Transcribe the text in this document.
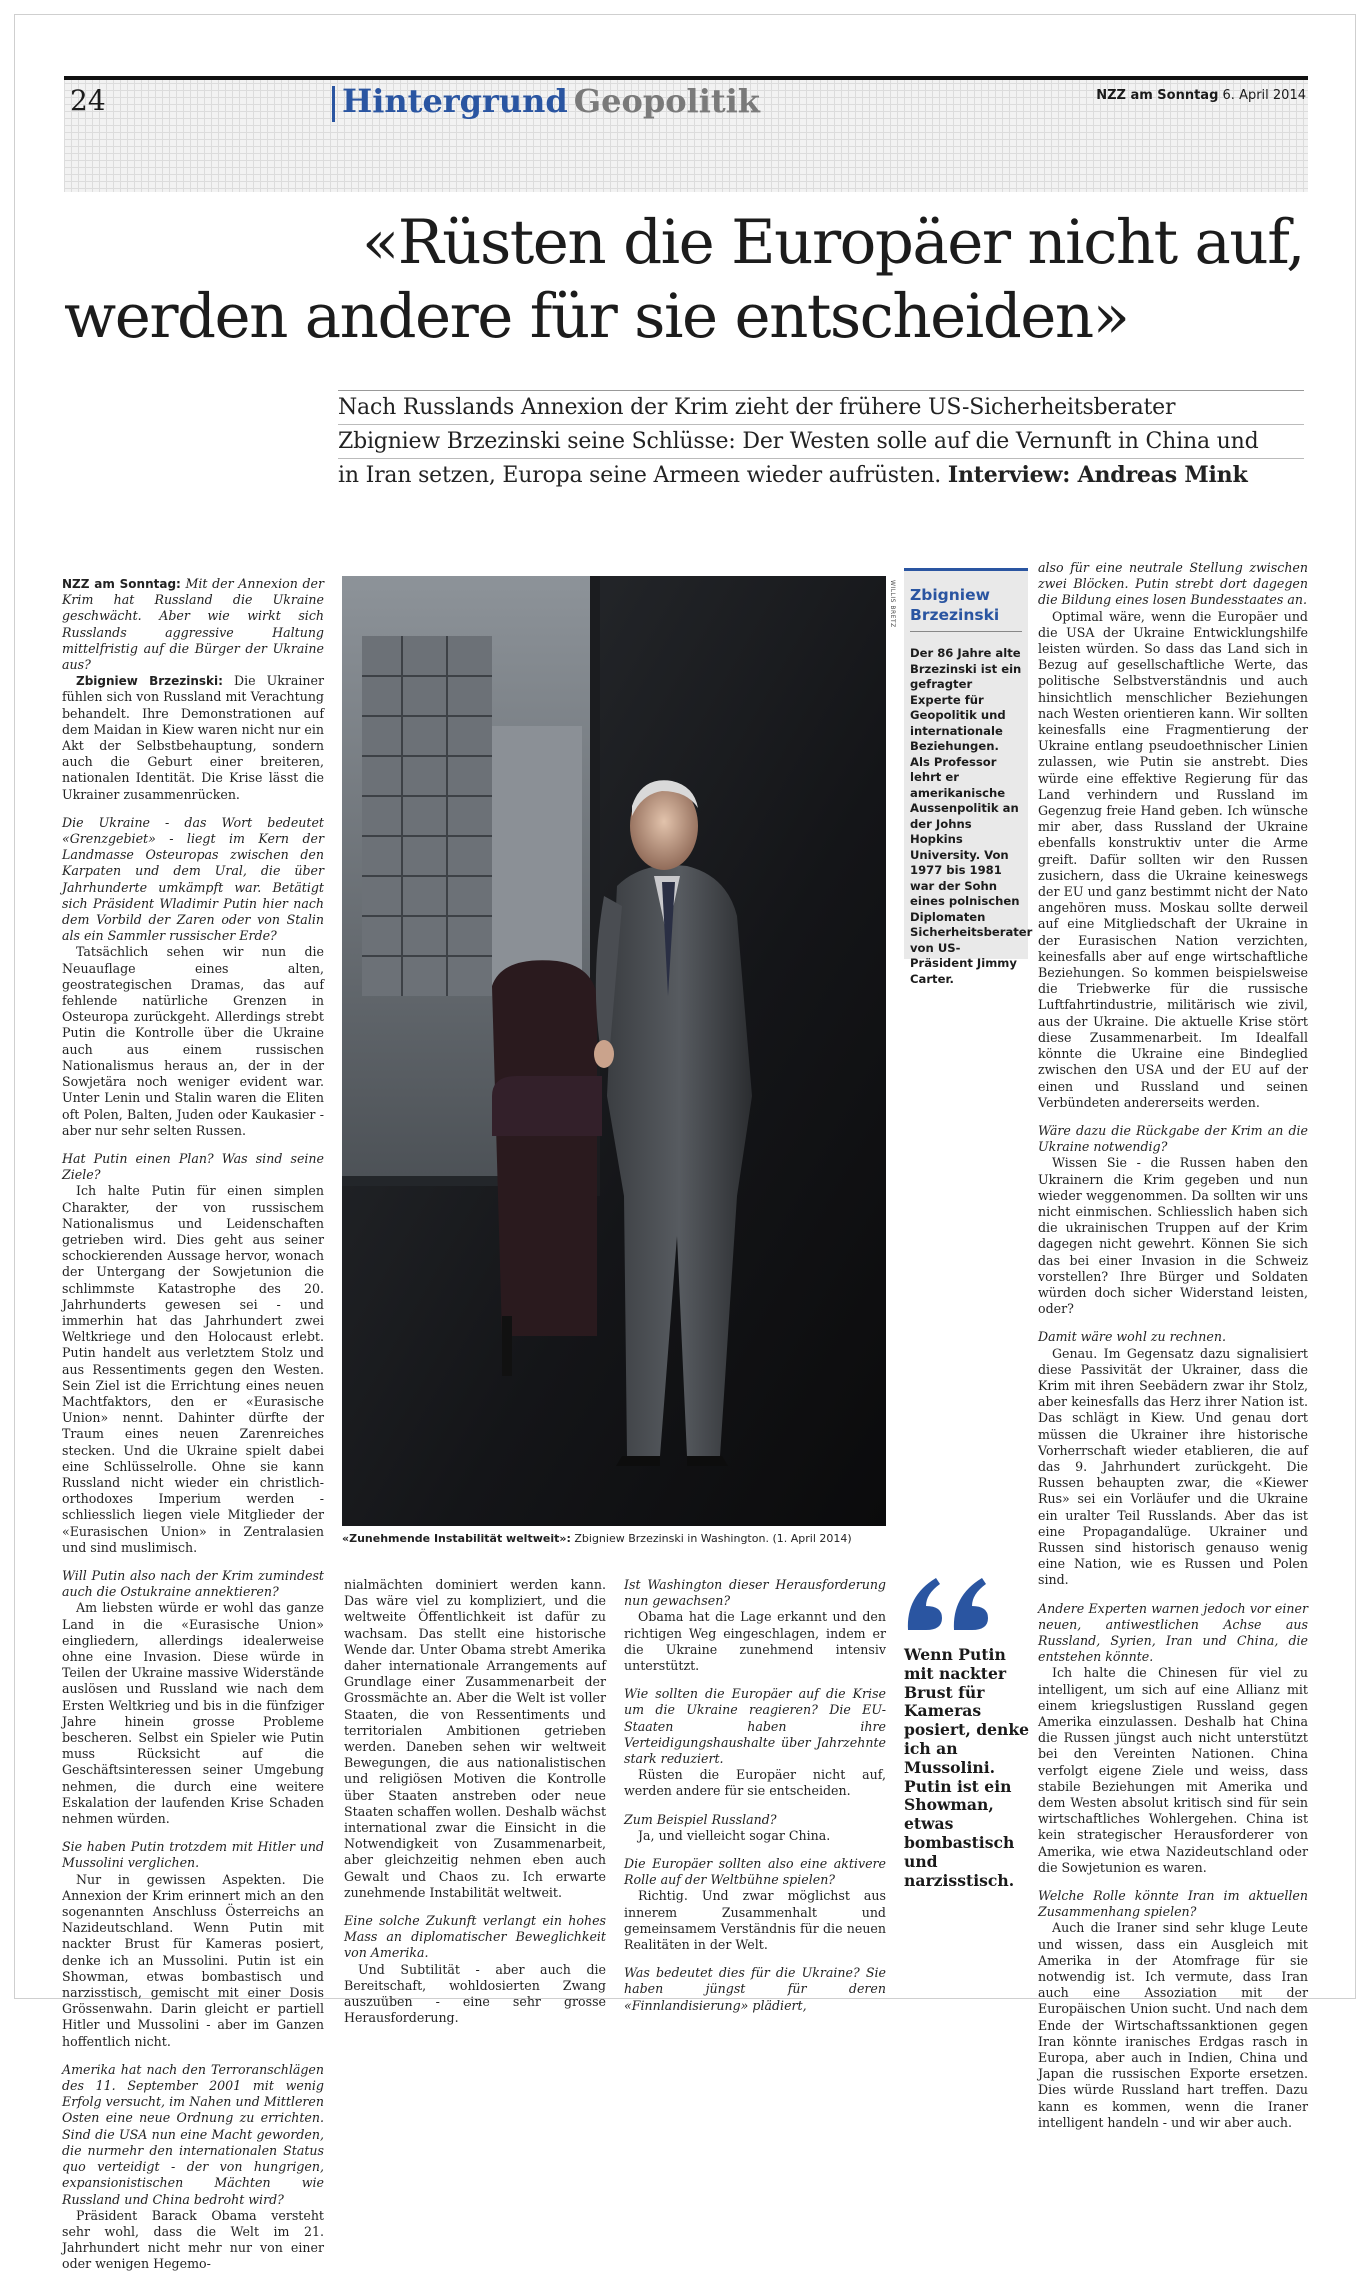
24	Hintergrund Geopolitik	NZZ am Sonntag 6. April 2014
«Rüsten die Europäer nicht auf,
werden andere für sie entscheiden»
Nach Russlands Annexion der Krim zieht der frühere US-Sicherheitsberater
Zbigniew Brzezinski seine Schlüsse: Der Westen solle auf die Vernunft in China und
in Iran setzen, Europa seine Armeen wieder aufrüsten. Interview: Andreas Mink

NZZ am Sonntag: Mit der Annexion der Krim hat Russland die Ukraine geschwächt. Aber wie wirkt sich Russlands aggressive Haltung mittelfristig auf die Bürger der Ukraine aus?
Zbigniew Brzezinski: Die Ukrainer fühlen sich von Russland mit Verachtung behandelt. Ihre Demonstrationen auf dem Maidan in Kiew waren nicht nur ein Akt der Selbstbehauptung, sondern auch die Geburt einer breiteren, nationalen Identität. Die Krise lässt die Ukrainer zusammenrücken.

Die Ukraine - das Wort bedeutet «Grenzgebiet» - liegt im Kern der Landmasse Osteuropas zwischen den Karpaten und dem Ural, die über Jahrhunderte umkämpft war. Betätigt sich Präsident Wladimir Putin hier nach dem Vorbild der Zaren oder von Stalin als ein Sammler russischer Erde?
Tatsächlich sehen wir nun die Neuauflage eines alten, geostrategischen Dramas, das auf fehlende natürliche Grenzen in Osteuropa zurückgeht. Allerdings strebt Putin die Kontrolle über die Ukraine auch aus einem russischen Nationalismus heraus an, der in der Sowjetära noch weniger evident war. Unter Lenin und Stalin waren die Eliten oft Polen, Balten, Juden oder Kaukasier - aber nur sehr selten Russen.

Hat Putin einen Plan? Was sind seine Ziele?
Ich halte Putin für einen simplen Charakter, der von russischem Nationalismus und Leidenschaften getrieben wird. Dies geht aus seiner schockierenden Aussage hervor, wonach der Untergang der Sowjetunion die schlimmste Katastrophe des 20. Jahrhunderts gewesen sei - und immerhin hat das Jahrhundert zwei Weltkriege und den Holocaust erlebt. Putin handelt aus verletztem Stolz und aus Ressentiments gegen den Westen. Sein Ziel ist die Errichtung eines neuen Machtfaktors, den er «Eurasische Union» nennt. Dahinter dürfte der Traum eines neuen Zarenreiches stecken. Und die Ukraine spielt dabei eine Schlüsselrolle. Ohne sie kann Russland nicht wieder ein christlich-orthodoxes Imperium werden - schliesslich liegen viele Mitglieder der «Eurasischen Union» in Zentralasien und sind muslimisch.

Will Putin also nach der Krim zumindest auch die Ostukraine annektieren?
Am liebsten würde er wohl das ganze Land in die «Eurasische Union» eingliedern, allerdings idealerweise ohne eine Invasion. Diese würde in Teilen der Ukraine massive Widerstände auslösen und Russland wie nach dem Ersten Weltkrieg und bis in die fünfziger Jahre hinein grosse Probleme bescheren. Selbst ein Spieler wie Putin muss Rücksicht auf die Geschäftsinteressen seiner Umgebung nehmen, die durch eine weitere Eskalation der laufenden Krise Schaden nehmen würden.

Sie haben Putin trotzdem mit Hitler und Mussolini verglichen.
Nur in gewissen Aspekten. Die Annexion der Krim erinnert mich an den sogenannten Anschluss Österreichs an Nazideutschland. Wenn Putin mit nackter Brust für Kameras posiert, denke ich an Mussolini. Putin ist ein Showman, etwas bombastisch und narzisstisch, gemischt mit einer Dosis Grössenwahn. Darin gleicht er partiell Hitler und Mussolini - aber im Ganzen hoffentlich nicht.

Amerika hat nach den Terroranschlägen des 11. September 2001 mit wenig Erfolg versucht, im Nahen und Mittleren Osten eine neue Ordnung zu errichten. Sind die USA nun eine Macht geworden, die nurmehr den internationalen Status quo verteidigt - der von hungrigen, expansionistischen Mächten wie Russland und China bedroht wird?
Präsident Barack Obama versteht sehr wohl, dass die Welt im 21. Jahrhundert nicht mehr nur von einer oder wenigen Hegemo-

WILLIS BRETZ
«Zunehmende Instabilität weltweit»: Zbigniew Brzezinski in Washington. (1. April 2014)
Zbigniew Brzezinski
Der 86 Jahre alte Brzezinski ist ein gefragter Experte für Geopolitik und internationale Beziehungen. Als Professor lehrt er amerikanische Aussenpolitik an der Johns Hopkins University. Von 1977 bis 1981 war der Sohn eines polnischen Diplomaten Sicherheitsberater von US-Präsident Jimmy Carter.

nialmächten dominiert werden kann. Das wäre viel zu kompliziert, und die weltweite Öffentlichkeit ist dafür zu wachsam. Das stellt eine historische Wende dar. Unter Obama strebt Amerika daher internationale Arrangements auf Grundlage einer Zusammenarbeit der Grossmächte an. Aber die Welt ist voller Staaten, die von Ressentiments und territorialen Ambitionen getrieben werden. Daneben sehen wir weltweit Bewegungen, die aus nationalistischen und religiösen Motiven die Kontrolle über Staaten anstreben oder neue Staaten schaffen wollen. Deshalb wächst international zwar die Einsicht in die Notwendigkeit von Zusammenarbeit, aber gleichzeitig nehmen eben auch Gewalt und Chaos zu. Ich erwarte zunehmende Instabilität weltweit.

Eine solche Zukunft verlangt ein hohes Mass an diplomatischer Beweglichkeit von Amerika.
Und Subtilität - aber auch die Bereitschaft, wohldosierten Zwang auszuüben - eine sehr grosse Herausforderung.

Ist Washington dieser Herausforderung nun gewachsen?
Obama hat die Lage erkannt und den richtigen Weg eingeschlagen, indem er die Ukraine zunehmend intensiv unterstützt.

Wie sollten die Europäer auf die Krise um die Ukraine reagieren? Die EU-Staaten haben ihre Verteidigungshaushalte über Jahrzehnte stark reduziert.
Rüsten die Europäer nicht auf, werden andere für sie entscheiden.

Zum Beispiel Russland?
Ja, und vielleicht sogar China.

Die Europäer sollten also eine aktivere Rolle auf der Weltbühne spielen?
Richtig. Und zwar möglichst aus innerem Zusammenhalt und gemeinsamem Verständnis für die neuen Realitäten in der Welt.

Was bedeutet dies für die Ukraine? Sie haben jüngst für deren «Finnlandisierung» plädiert,

Wenn Putin mit nackter Brust für Kameras posiert, denke ich an Mussolini. Putin ist ein Showman, etwas bombastisch und narzisstisch.

also für eine neutrale Stellung zwischen zwei Blöcken. Putin strebt dort dagegen die Bildung eines losen Bundesstaates an.
Optimal wäre, wenn die Europäer und die USA der Ukraine Entwicklungshilfe leisten würden. So dass das Land sich in Bezug auf gesellschaftliche Werte, das politische Selbstverständnis und auch hinsichtlich menschlicher Beziehungen nach Westen orientieren kann. Wir sollten keinesfalls eine Fragmentierung der Ukraine entlang pseudoethnischer Linien zulassen, wie Putin sie anstrebt. Dies würde eine effektive Regierung für das Land verhindern und Russland im Gegenzug freie Hand geben. Ich wünsche mir aber, dass Russland der Ukraine ebenfalls konstruktiv unter die Arme greift. Dafür sollten wir den Russen zusichern, dass die Ukraine keineswegs der EU und ganz bestimmt nicht der Nato angehören muss. Moskau sollte derweil auf eine Mitgliedschaft der Ukraine in der Eurasischen Nation verzichten, keinesfalls aber auf enge wirtschaftliche Beziehungen. So kommen beispielsweise die Triebwerke für die russische Luftfahrtindustrie, militärisch wie zivil, aus der Ukraine. Die aktuelle Krise stört diese Zusammenarbeit. Im Idealfall könnte die Ukraine eine Bindeglied zwischen den USA und der EU auf der einen und Russland und seinen Verbündeten andererseits werden.

Wäre dazu die Rückgabe der Krim an die Ukraine notwendig?
Wissen Sie - die Russen haben den Ukrainern die Krim gegeben und nun wieder weggenommen. Da sollten wir uns nicht einmischen. Schliesslich haben sich die ukrainischen Truppen auf der Krim dagegen nicht gewehrt. Können Sie sich das bei einer Invasion in die Schweiz vorstellen? Ihre Bürger und Soldaten würden doch sicher Widerstand leisten, oder?

Damit wäre wohl zu rechnen.
Genau. Im Gegensatz dazu signalisiert diese Passivität der Ukrainer, dass die Krim mit ihren Seebädern zwar ihr Stolz, aber keinesfalls das Herz ihrer Nation ist. Das schlägt in Kiew. Und genau dort müssen die Ukrainer ihre historische Vorherrschaft wieder etablieren, die auf das 9. Jahrhundert zurückgeht. Die Russen behaupten zwar, die «Kiewer Rus» sei ein Vorläufer und die Ukraine ein uralter Teil Russlands. Aber das ist eine Propagandalüge. Ukrainer und Russen sind historisch genauso wenig eine Nation, wie es Russen und Polen sind.

Andere Experten warnen jedoch vor einer neuen, antiwestlichen Achse aus Russland, Syrien, Iran und China, die entstehen könnte.
Ich halte die Chinesen für viel zu intelligent, um sich auf eine Allianz mit einem kriegslustigen Russland gegen Amerika einzulassen. Deshalb hat China die Russen jüngst auch nicht unterstützt bei den Vereinten Nationen. China verfolgt eigene Ziele und weiss, dass stabile Beziehungen mit Amerika und dem Westen absolut kritisch sind für sein wirtschaftliches Wohlergehen. China ist kein strategischer Herausforderer von Amerika, wie etwa Nazideutschland oder die Sowjetunion es waren.

Welche Rolle könnte Iran im aktuellen Zusammenhang spielen?
Auch die Iraner sind sehr kluge Leute und wissen, dass ein Ausgleich mit Amerika in der Atomfrage für sie notwendig ist. Ich vermute, dass Iran auch eine Assoziation mit der Europäischen Union sucht. Und nach dem Ende der Wirtschaftssanktionen gegen Iran könnte iranisches Erdgas rasch in Europa, aber auch in Indien, China und Japan die russischen Exporte ersetzen. Dies würde Russland hart treffen. Dazu kann es kommen, wenn die Iraner intelligent handeln - und wir aber auch.
